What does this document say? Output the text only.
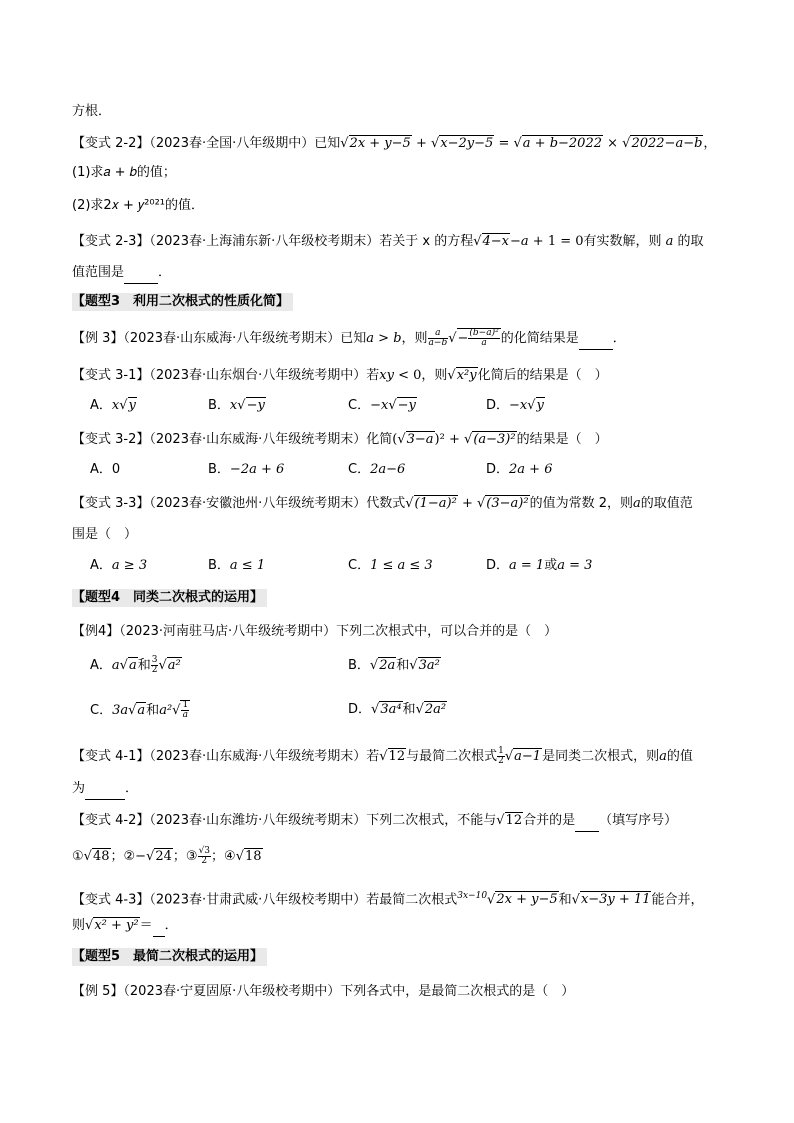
方根．
【变式 2-2】（2023春·全国·八年级期中）已知√2x + y−5 + √x−2y−5 = √a + b−2022 × √2022−a−b，
(1)求𝑎 + 𝑏的值；
(2)求2𝑥 + 𝑦²⁰²¹的值．
【变式 2-3】（2023春·上海浦东新·八年级校考期末）若关于 x 的方程√4−x−a + 1 = 0有实数解，则 a 的取
值范围是	．
【题型3　利用二次根式的性质化简】
【例 3】（2023春·山东威海·八年级统考期末）已知a > b，则 $\frac{a}{a-b}$ √− $\frac{\text{(b−a)²}}{a}$ 的化简结果是	．
【变式 3-1】（2023春·山东烟台·八年级统考期中）若xy < 0，则√x²y化简后的结果是（　）
A．x√y	B．x√−y	C．−x√−y	D．−x√y
【变式 3-2】（2023春·山东威海·八年级统考期末）化简(√3−a)² + √(a−3)²的结果是（　）
A．0	B．−2a + 6	C．2a−6	D．2a + 6
【变式 3-3】（2023春·安徽池州·八年级统考期末）代数式√(1−a)² + √(3−a)²的值为常数 2，则a的取值范
围是（　）
A．a ≥ 3	B．a ≤ 1	C．1 ≤ a ≤ 3	D．a = 1或a = 3
【题型4　同类二次根式的运用】
【例4】（2023·河南驻马店·八年级统考期中）下列二次根式中，可以合并的是（　）
A．a√a和 $\frac{3}{2} √a^2$	B．√2a和√3a²
C．3a√a和$a^2√ \frac{1}{a}$	D．√3a⁴和√2a²
【变式 4-1】（2023春·山东威海·八年级统考期末）若√12与最简二次根式 $\frac{1}{2} √a-1$是同类二次根式，则a的值
为	．
【变式 4-2】（2023春·山东潍坊·八年级统考期末）下列二次根式，不能与√12合并的是 （填写序号）
①√48；②−√24；③ $\frac{√3}{2}$ ；④√18
【变式 4-3】（2023春·甘肃武威·八年级校考期中）若最简二次根式$^{3x-10}$√2x + y−5和√x−3y + 11能合并，
则√x² + y²＝ ．
【题型5　最简二次根式的运用】
【例 5】（2023春·宁夏固原·八年级校考期中）下列各式中，是最简二次根式的是（　）
